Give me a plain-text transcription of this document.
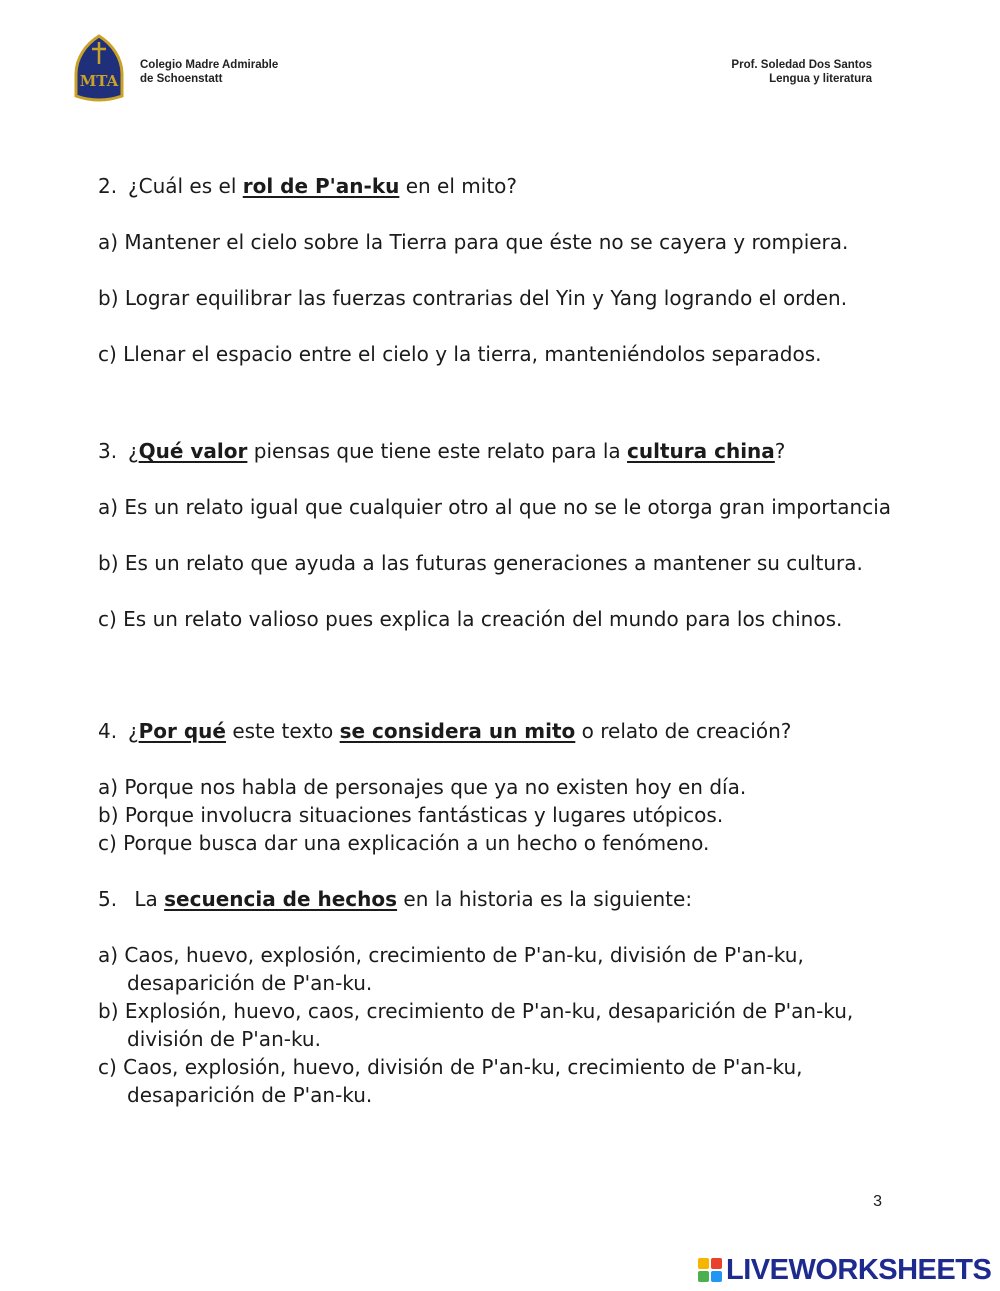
MTA
Colegio Madre Admirable
de Schoenstatt
Prof. Soledad Dos Santos
Lengua y literatura
2. ¿Cuál es el rol de P'an-ku en el mito?
a) Mantener el cielo sobre la Tierra para que éste no se cayera y rompiera.
b) Lograr equilibrar las fuerzas contrarias del Yin y Yang logrando el orden.
c) Llenar el espacio entre el cielo y la tierra, manteniéndolos separados.
3. ¿Qué valor piensas que tiene este relato para la cultura china?
a) Es un relato igual que cualquier otro al que no se le otorga gran importancia
b) Es un relato que ayuda a las futuras generaciones a mantener su cultura.
c) Es un relato valioso pues explica la creación del mundo para los chinos.
4. ¿Por qué este texto se considera un mito o relato de creación?
a) Porque nos habla de personajes que ya no existen hoy en día.
b) Porque involucra situaciones fantásticas y lugares utópicos.
c) Porque busca dar una explicación a un hecho o fenómeno.
5. La secuencia de hechos en la historia es la siguiente:
a) Caos, huevo, explosión, crecimiento de P'an-ku, división de P'an-ku, desaparición de P'an-ku.
b) Explosión, huevo, caos, crecimiento de P'an-ku, desaparición de P'an-ku, división de P'an-ku.
c) Caos, explosión, huevo, división de P'an-ku, crecimiento de P'an-ku, desaparición de P'an-ku.
3
LIVEWORKSHEETS
